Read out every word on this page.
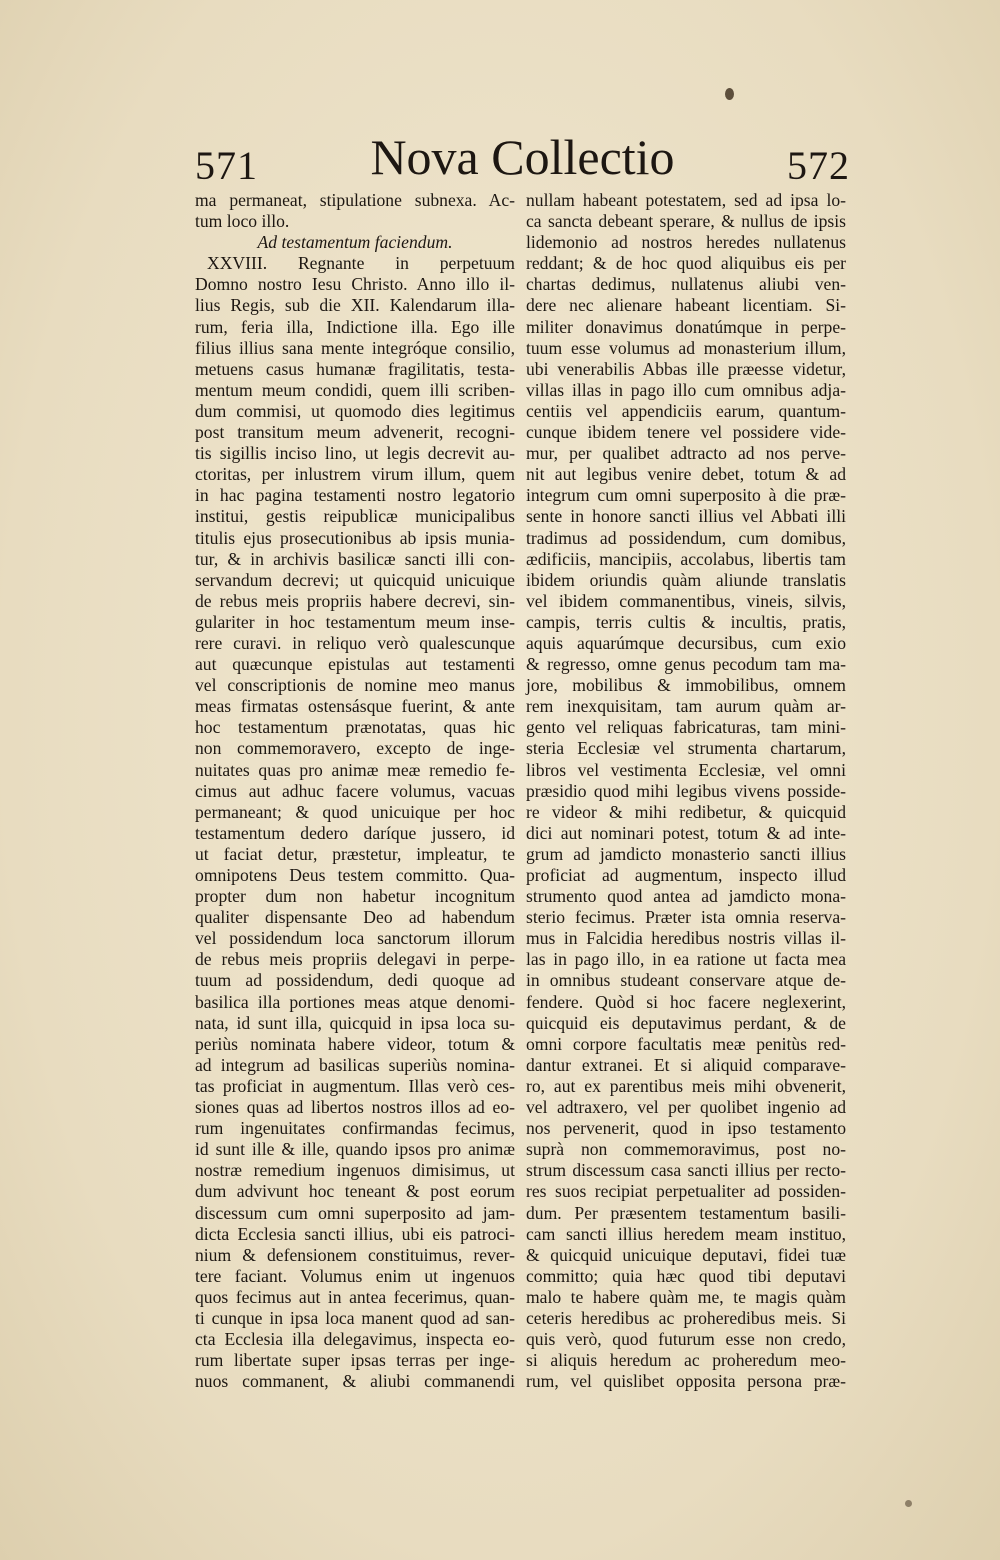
571	Nova Collectio	572
ma permaneat, stipulatione subnexa. Ac-
tum loco illo.
Ad testamentum faciendum.
XXVIII. Regnante in perpetuum
Domno nostro Iesu Christo. Anno illo il-
lius Regis, sub die XII. Kalendarum illa-
rum, feria illa, Indictione illa. Ego ille
filius illius sana mente integróque consilio,
metuens casus humanæ fragilitatis, testa-
mentum meum condidi, quem illi scriben-
dum commisi, ut quomodo dies legitimus
post transitum meum advenerit, recogni-
tis sigillis inciso lino, ut legis decrevit au-
ctoritas, per inlustrem virum illum, quem
in hac pagina testamenti nostro legatorio
institui, gestis reipublicæ municipalibus
titulis ejus prosecutionibus ab ipsis munia-
tur, & in archivis basilicæ sancti illi con-
servandum decrevi; ut quicquid unicuique
de rebus meis propriis habere decrevi, sin-
gulariter in hoc testamentum meum inse-
rere curavi. in reliquo verò qualescunque
aut quæcunque epistulas aut testamenti
vel conscriptionis de nomine meo manus
meas firmatas ostensásque fuerint, & ante
hoc testamentum prænotatas, quas hic
non commemoravero, excepto de inge-
nuitates quas pro animæ meæ remedio fe-
cimus aut adhuc facere volumus, vacuas
permaneant; & quod unicuique per hoc
testamentum dedero daríque jussero, id
ut faciat detur, præstetur, impleatur, te
omnipotens Deus testem committo. Qua-
propter dum non habetur incognitum
qualiter dispensante Deo ad habendum
vel possidendum loca sanctorum illorum
de rebus meis propriis delegavi in perpe-
tuum ad possidendum, dedi quoque ad
basilica illa portiones meas atque denomi-
nata, id sunt illa, quicquid in ipsa loca su-
periùs nominata habere videor, totum &
ad integrum ad basilicas superiùs nomina-
tas proficiat in augmentum. Illas verò ces-
siones quas ad libertos nostros illos ad eo-
rum ingenuitates confirmandas fecimus,
id sunt ille & ille, quando ipsos pro animæ
nostræ remedium ingenuos dimisimus, ut
dum advivunt hoc teneant & post eorum
discessum cum omni superposito ad jam-
dicta Ecclesia sancti illius, ubi eis patroci-
nium & defensionem constituimus, rever-
tere faciant. Volumus enim ut ingenuos
quos fecimus aut in antea fecerimus, quan-
ti cunque in ipsa loca manent quod ad san-
cta Ecclesia illa delegavimus, inspecta eo-
rum libertate super ipsas terras per inge-
nuos commanent, & aliubi commanendi
nullam habeant potestatem, sed ad ipsa lo-
ca sancta debeant sperare, & nullus de ipsis
lidemonio ad nostros heredes nullatenus
reddant; & de hoc quod aliquibus eis per
chartas dedimus, nullatenus aliubi ven-
dere nec alienare habeant licentiam. Si-
militer donavimus donatúmque in perpe-
tuum esse volumus ad monasterium illum,
ubi venerabilis Abbas ille præesse videtur,
villas illas in pago illo cum omnibus adja-
centiis vel appendiciis earum, quantum-
cunque ibidem tenere vel possidere vide-
mur, per qualibet adtracto ad nos perve-
nit aut legibus venire debet, totum & ad
integrum cum omni superposito à die præ-
sente in honore sancti illius vel Abbati illi
tradimus ad possidendum, cum domibus,
ædificiis, mancipiis, accolabus, libertis tam
ibidem oriundis quàm aliunde translatis
vel ibidem commanentibus, vineis, silvis,
campis, terris cultis & incultis, pratis,
aquis aquarúmque decursibus, cum exio
& regresso, omne genus pecodum tam ma-
jore, mobilibus & immobilibus, omnem
rem inexquisitam, tam aurum quàm ar-
gento vel reliquas fabricaturas, tam mini-
steria Ecclesiæ vel strumenta chartarum,
libros vel vestimenta Ecclesiæ, vel omni
præsidio quod mihi legibus vivens posside-
re videor & mihi redibetur, & quicquid
dici aut nominari potest, totum & ad inte-
grum ad jamdicto monasterio sancti illius
proficiat ad augmentum, inspecto illud
strumento quod antea ad jamdicto mona-
sterio fecimus. Præter ista omnia reserva-
mus in Falcidia heredibus nostris villas il-
las in pago illo, in ea ratione ut facta mea
in omnibus studeant conservare atque de-
fendere. Quòd si hoc facere neglexerint,
quicquid eis deputavimus perdant, & de
omni corpore facultatis meæ penitùs red-
dantur extranei. Et si aliquid comparave-
ro, aut ex parentibus meis mihi obvenerit,
vel adtraxero, vel per quolibet ingenio ad
nos pervenerit, quod in ipso testamento
suprà non commemoravimus, post no-
strum discessum casa sancti illius per recto-
res suos recipiat perpetualiter ad possiden-
dum. Per præsentem testamentum basili-
cam sancti illius heredem meam instituo,
& quicquid unicuique deputavi, fidei tuæ
committo; quia hæc quod tibi deputavi
malo te habere quàm me, te magis quàm
ceteris heredibus ac proheredibus meis. Si
quis verò, quod futurum esse non credo,
si aliquis heredum ac proheredum meo-
rum, vel quislibet opposita persona præ-
